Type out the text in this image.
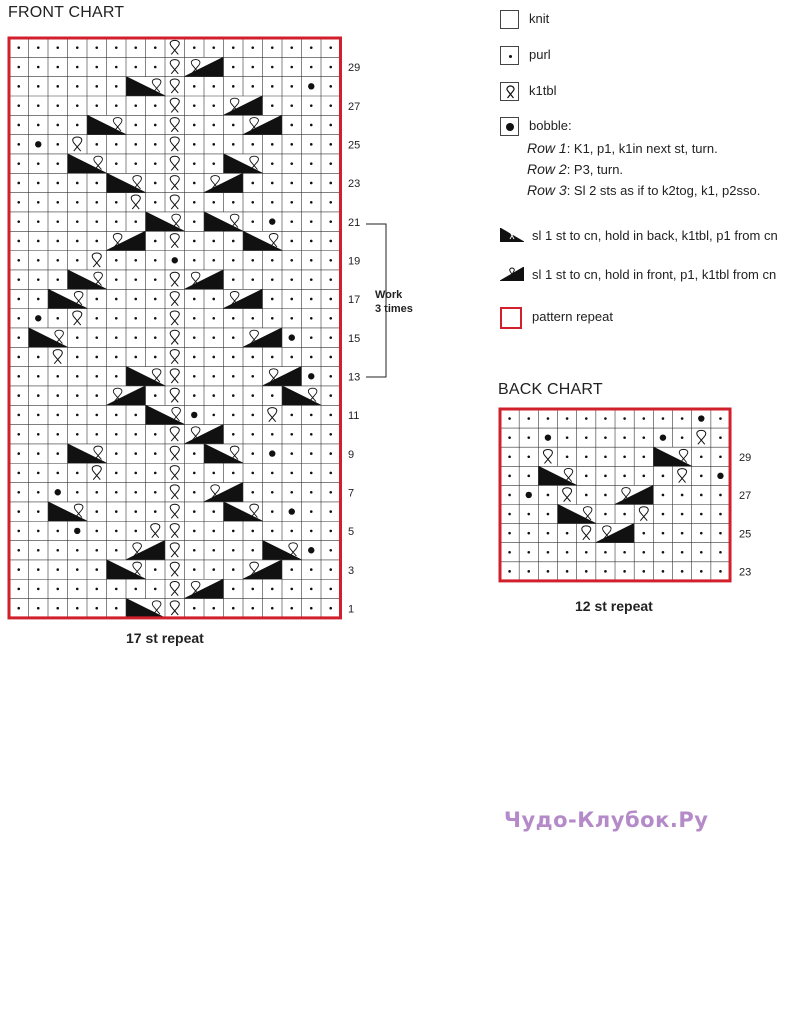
FRONT CHART
29
27
25
23
21
19
17
15
13
11
9
7
5
3
1
29
27
25
23
17 st repeat
Work
3 times
BACK CHART
12 st repeat
knit
purl
k1tbl
bobble:
Row 1: K1, p1, k1in next st, turn.
Row 2: P3, turn.
Row 3: Sl 2 sts as if to k2tog, k1, p2sso.
sl 1 st to cn, hold in back, k1tbl, p1 from cn
sl 1 st to cn, hold in front, p1, k1tbl from cn
pattern repeat
Чудо-Клубок.Ру
